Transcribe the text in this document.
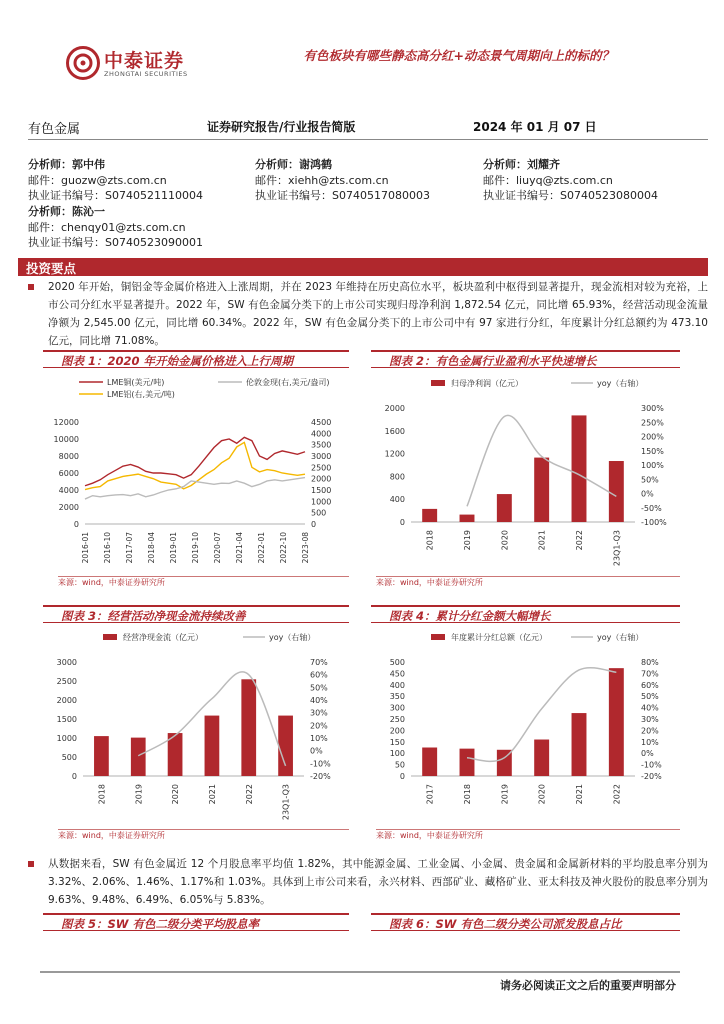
中泰证券
ZHONGTAI SECURITIES
有色板块有哪些静态高分红+动态景气周期向上的标的？
有色金属	证券研究报告/行业报告简版	2024 年 01 月 07 日
分析师：郭中伟
邮件：guozw@zts.com.cn
执业证书编号：S0740521110004
分析师：谢鸿鹤
邮件：xiehh@zts.com.cn
执业证书编号：S0740517080003
分析师：刘耀齐
邮件：liuyq@zts.com.cn
执业证书编号：S0740523080004
分析师：陈沁一
邮件：chenqy01@zts.com.cn
执业证书编号：S0740523090001
投资要点
2020 年开始，铜铝金等金属价格进入上涨周期，并在 2023 年维持在历史高位水平，板块盈利中枢得到显著提升，现金流相对较为充裕，上市公司分红水平显著提升。2022 年，SW 有色金属分类下的上市公司实现归母净利润 1,872.54 亿元，同比增 65.93%，经营活动现金流量净额为 2,545.00 亿元，同比增 60.34%。2022 年，SW 有色金属分类下的上市公司中有 97 家进行分红，年度累计分红总额约为 473.10 亿元，同比增 71.08%。
图表 1：2020 年开始金属价格进入上行周期	图表 2：有色金属行业盈利水平快速增长
LME铜(美元/吨)
LME铝(右,美元/吨)
伦敦金现(右,美元/盎司)
0
2000
4000
6000
8000
10000
12000
0
500
1000
1500
2000
2500
3000
3500
4000
4500
2016-01 2016-10 2017-07 2018-04 2019-01 2019-10 2020-07 2021-04 2022-01 2022-10 2023-08
归母净利润（亿元）	yoy（右轴）
0
400
800
1200
1600
2000
-100%
-50%
0%
50%
100%
150%
200%
250%
300%
2018	2019	2020	2021	2022	23Q1-Q3
来源：wind，中泰证券研究所	来源：wind，中泰证券研究所
图表 3：经营活动净现金流持续改善	图表 4：累计分红金额大幅增长
经营净现金流（亿元）	yoy（右轴）
0
500
1000
1500
2000
2500
3000
-20%
-10%
0%
10%
20%
30%
40%
50%
60%
70%
2018	2019	2020	2021	2022	23Q1-Q3
年度累计分红总额（亿元）	yoy（右轴）
0
50
100
150
200
250
300
350
400
450
500
-20%
-10%
0%
10%
20%
30%
40%
50%
60%
70%
80%
2017	2018	2019	2020	2021	2022
来源：wind，中泰证券研究所	来源：wind，中泰证券研究所
从数据来看，SW 有色金属近 12 个月股息率平均值 1.82%，其中能源金属、工业金属、小金属、贵金属和金属新材料的平均股息率分别为 3.32%、2.06%、1.46%、1.17%和 1.03%。具体到上市公司来看，永兴材料、西部矿业、藏格矿业、亚太科技及神火股份的股息率分别为 9.63%、9.48%、6.49%、6.05%与 5.83%。
图表 5：SW 有色二级分类平均股息率	图表 6：SW 有色二级分类公司派发股息占比
请务必阅读正文之后的重要声明部分
